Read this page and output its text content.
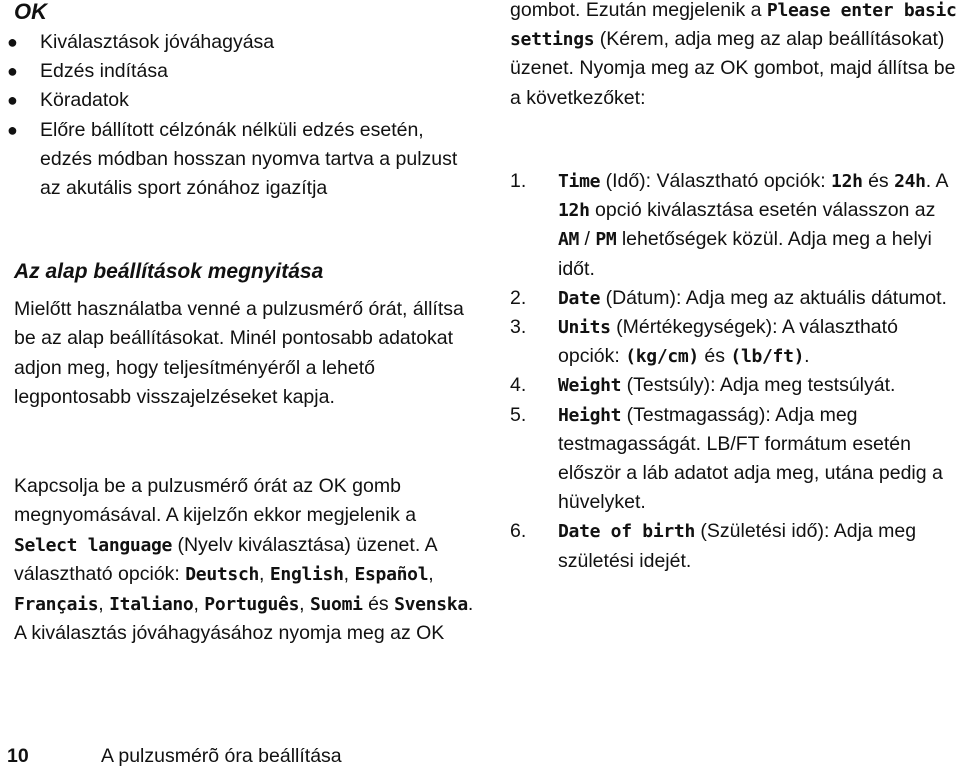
OK
● Kiválasztások jóváhagyása
● Edzés indítása
● Köradatok
● Előre bállított célzónák nélküli edzés esetén, edzés módban hosszan nyomva tartva a pulzust az akutális sport zónához igazítja
Az alap beállítások megnyitása
Mielőtt használatba venné a pulzusmérő órát, állítsa be az alap beállításokat. Minél pontosabb adatokat adjon meg, hogy teljesítményéről a lehető legpontosabb visszajelzéseket kapja.
Kapcsolja be a pulzusmérő órát az OK gomb megnyomásával. A kijelzőn ekkor megjelenik a Select language (Nyelv kiválasztása) üzenet. A választható opciók: Deutsch, English, Español, Français, Italiano, Português, Suomi és Svenska. A kiválasztás jóváhagyásához nyomja meg az OK
gombot. Ezután megjelenik a Please enter basic settings (Kérem, adja meg az alap beállításokat) üzenet. Nyomja meg az OK gombot, majd állítsa be a következőket:
1. Time (Idő): Választható opciók: 12h és 24h. A 12h opció kiválasztása esetén válasszon az AM / PM lehetőségek közül. Adja meg a helyi időt.
2. Date (Dátum): Adja meg az aktuális dátumot.
3. Units (Mértékegységek): A választható opciók: (kg/cm) és (lb/ft).
4. Weight (Testsúly): Adja meg testsúlyát.
5. Height (Testmagasság): Adja meg testmagasságát. LB/FT formátum esetén először a láb adatot adja meg, utána pedig a hüvelyket.
6. Date of birth (Születési idő): Adja meg születési idejét.
10	A pulzusmérõ óra beállítása
